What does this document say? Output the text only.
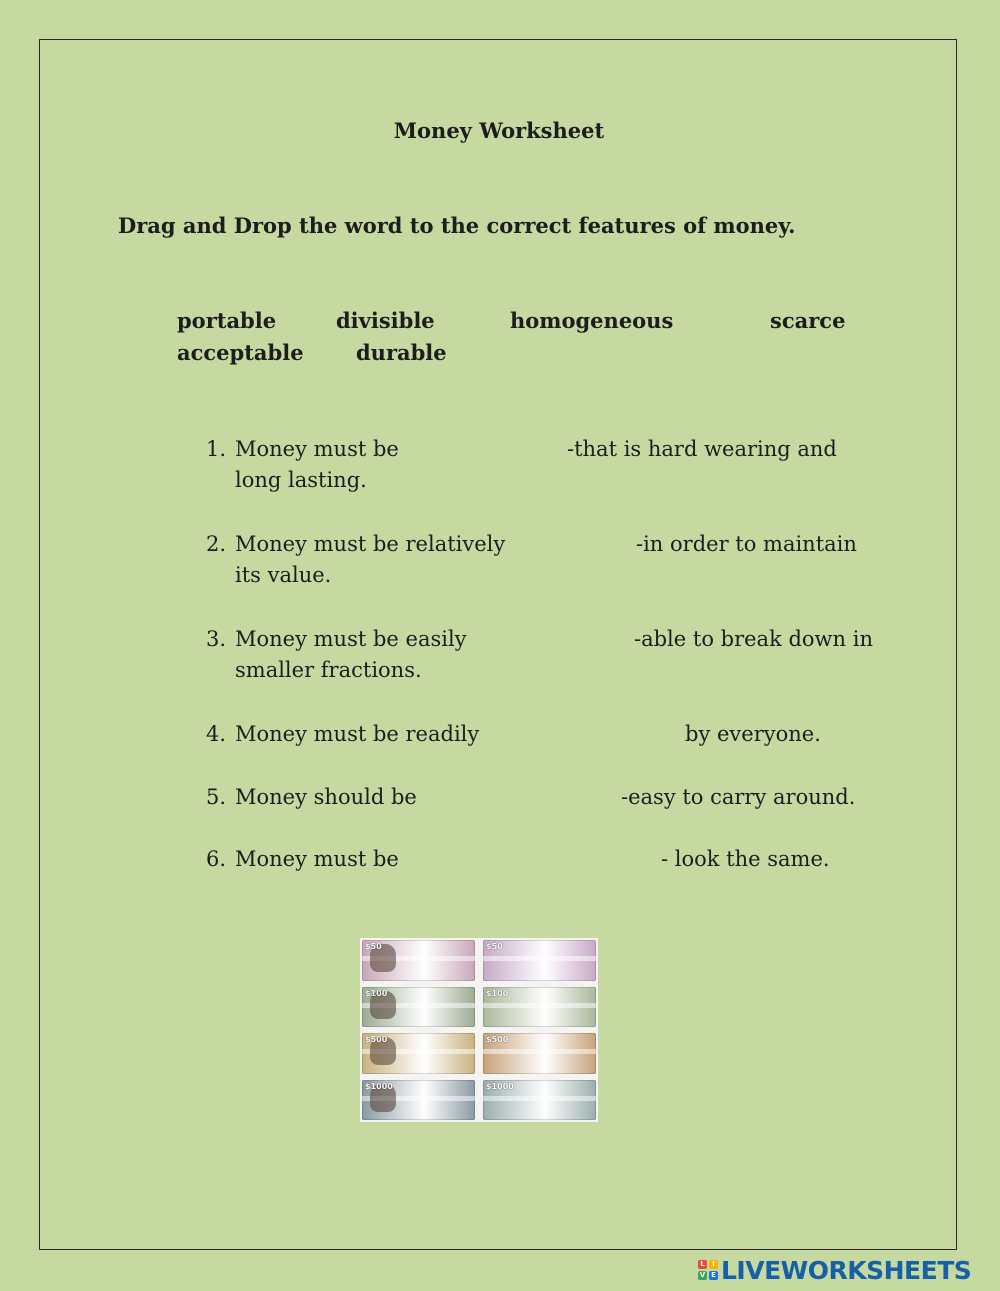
Money Worksheet
Drag and Drop the word to the correct features of money.
portable	divisible	homogeneous	scarce
acceptable durable
1. Money must be	-that is hard wearing and
long lasting.
2. Money must be relatively	-in order to maintain
its value.
3. Money must be easily	-able to break down in
smaller fractions.
4. Money must be readily	by everyone.
5. Money should be	-easy to carry around.
6. Money must be	- look the same.
$50	$50
$100	$100
$500	$500
$1000	$1000
L	I
V E LIVEWORKSHEETS
